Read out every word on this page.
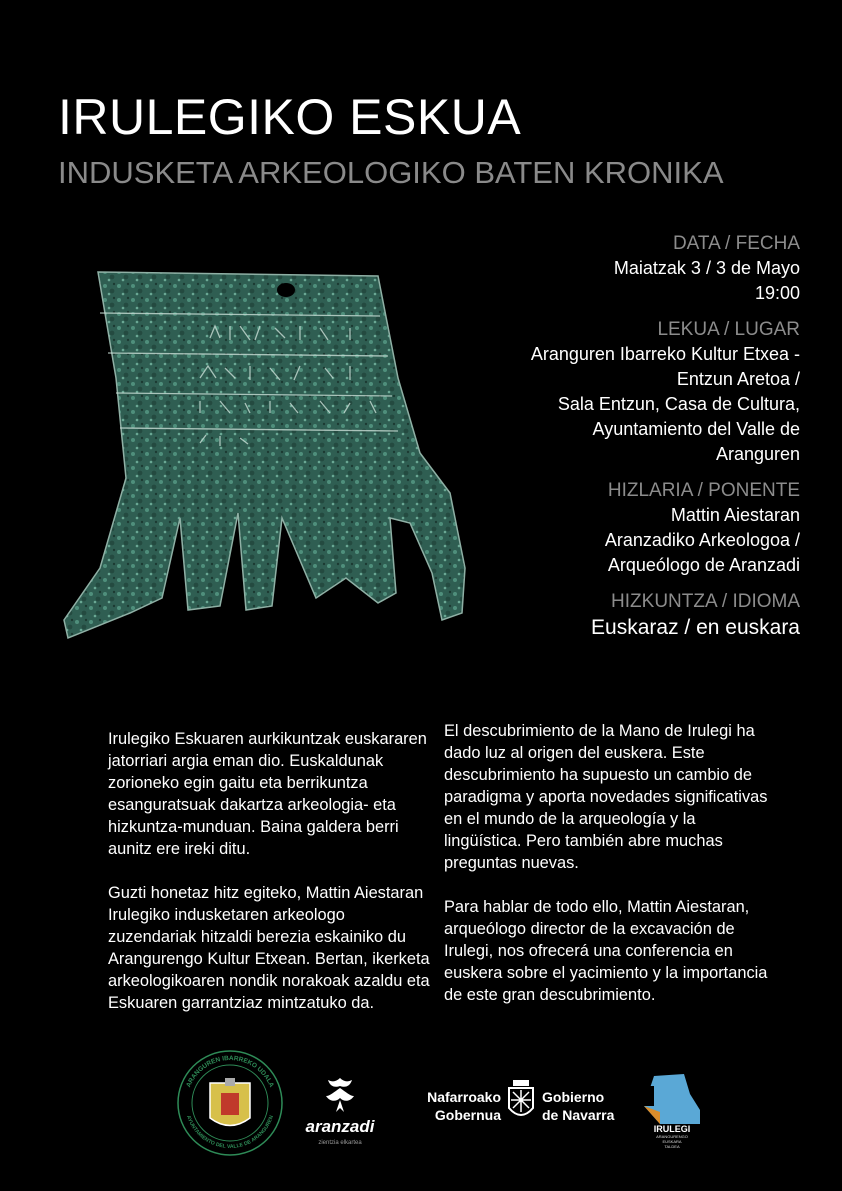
IRULEGIKO ESKUA
INDUSKETA ARKEOLOGIKO BATEN KRONIKA
DATA / FECHA
Maiatzak 3 / 3 de Mayo
19:00
LEKUA / LUGAR
Aranguren Ibarreko Kultur Etxea -
Entzun Aretoa /
Sala Entzun, Casa de Cultura,
Ayuntamiento del Valle de
Aranguren
HIZLARIA / PONENTE
Mattin Aiestaran
Aranzadiko Arkeologoa /
Arqueólogo de Aranzadi
HIZKUNTZA / IDIOMA
Euskaraz / en euskara

Irulegiko Eskuaren aurkikuntzak euskararen jatorriari argia eman dio. Euskaldunak zorioneko egin gaitu eta berrikuntza esanguratsuak dakartza arkeologia- eta hizkuntza-munduan. Baina galdera berri aunitz ere ireki ditu.

Guzti honetaz hitz egiteko, Mattin Aiestaran Irulegiko indusketaren arkeologo zuzendariak hitzaldi berezia eskainiko du Arangurengo Kultur Etxean. Bertan, ikerketa arkeologikoaren nondik norakoak azaldu eta Eskuaren garrantziaz mintzatuko da.

El descubrimiento de la Mano de Irulegi ha dado luz al origen del euskera. Este descubrimiento ha supuesto un cambio de paradigma y aporta novedades significativas en el mundo de la arqueología y la lingüística. Pero también abre muchas preguntas nuevas.

Para hablar de todo ello, Mattin Aiestaran, arqueólogo director de la excavación de Irulegi, nos ofrecerá una conferencia en euskera sobre el yacimiento y la importancia de este gran descubrimiento.

ARANGUREN IBARREKO UDALA
AYUNTAMIENTO DEL VALLE DE ARANGUREN	aranzadi
zientzia elkartea
Nafarroako
Gobernua
Gobierno
de Navarra
IRULEGI
ARANGURENGO
EUSKARA
TALDEA
